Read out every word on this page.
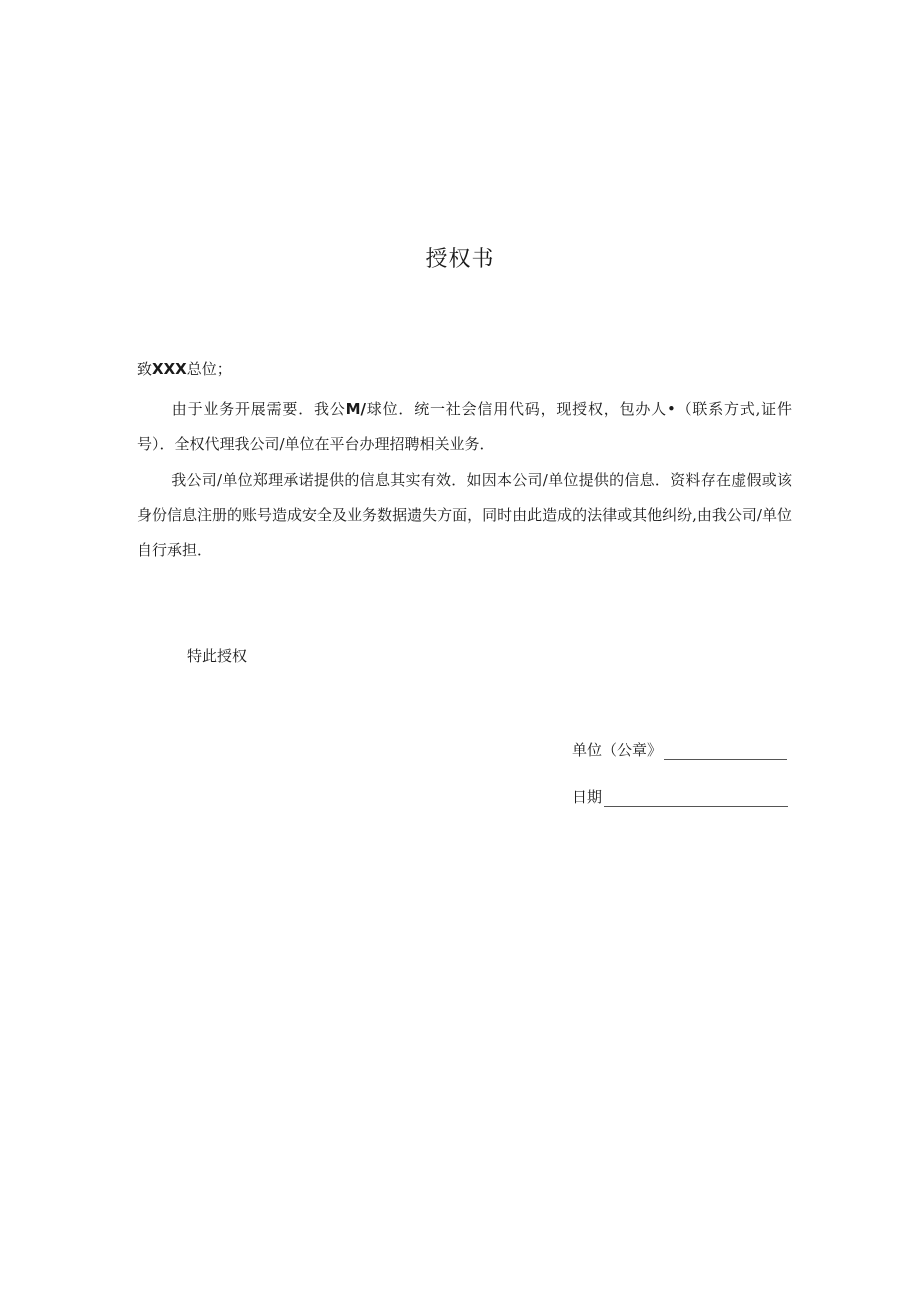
授权书
致XXX总位；
由于业务开展需要．我公M/球位．统一社会信用代码，现授权，包办人•（联系方式,证件号）．全权代理我公司/单位在平台办理招聘相关业务．
我公司/单位郑理承诺提供的信息其实有效．如因本公司/单位提供的信息．资料存在虚假或该身份信息注册的账号造成安全及业务数据遗失方面，同时由此造成的法律或其他纠纷,由我公司/单位自行承担．
特此授权
单位（公章》
日期
